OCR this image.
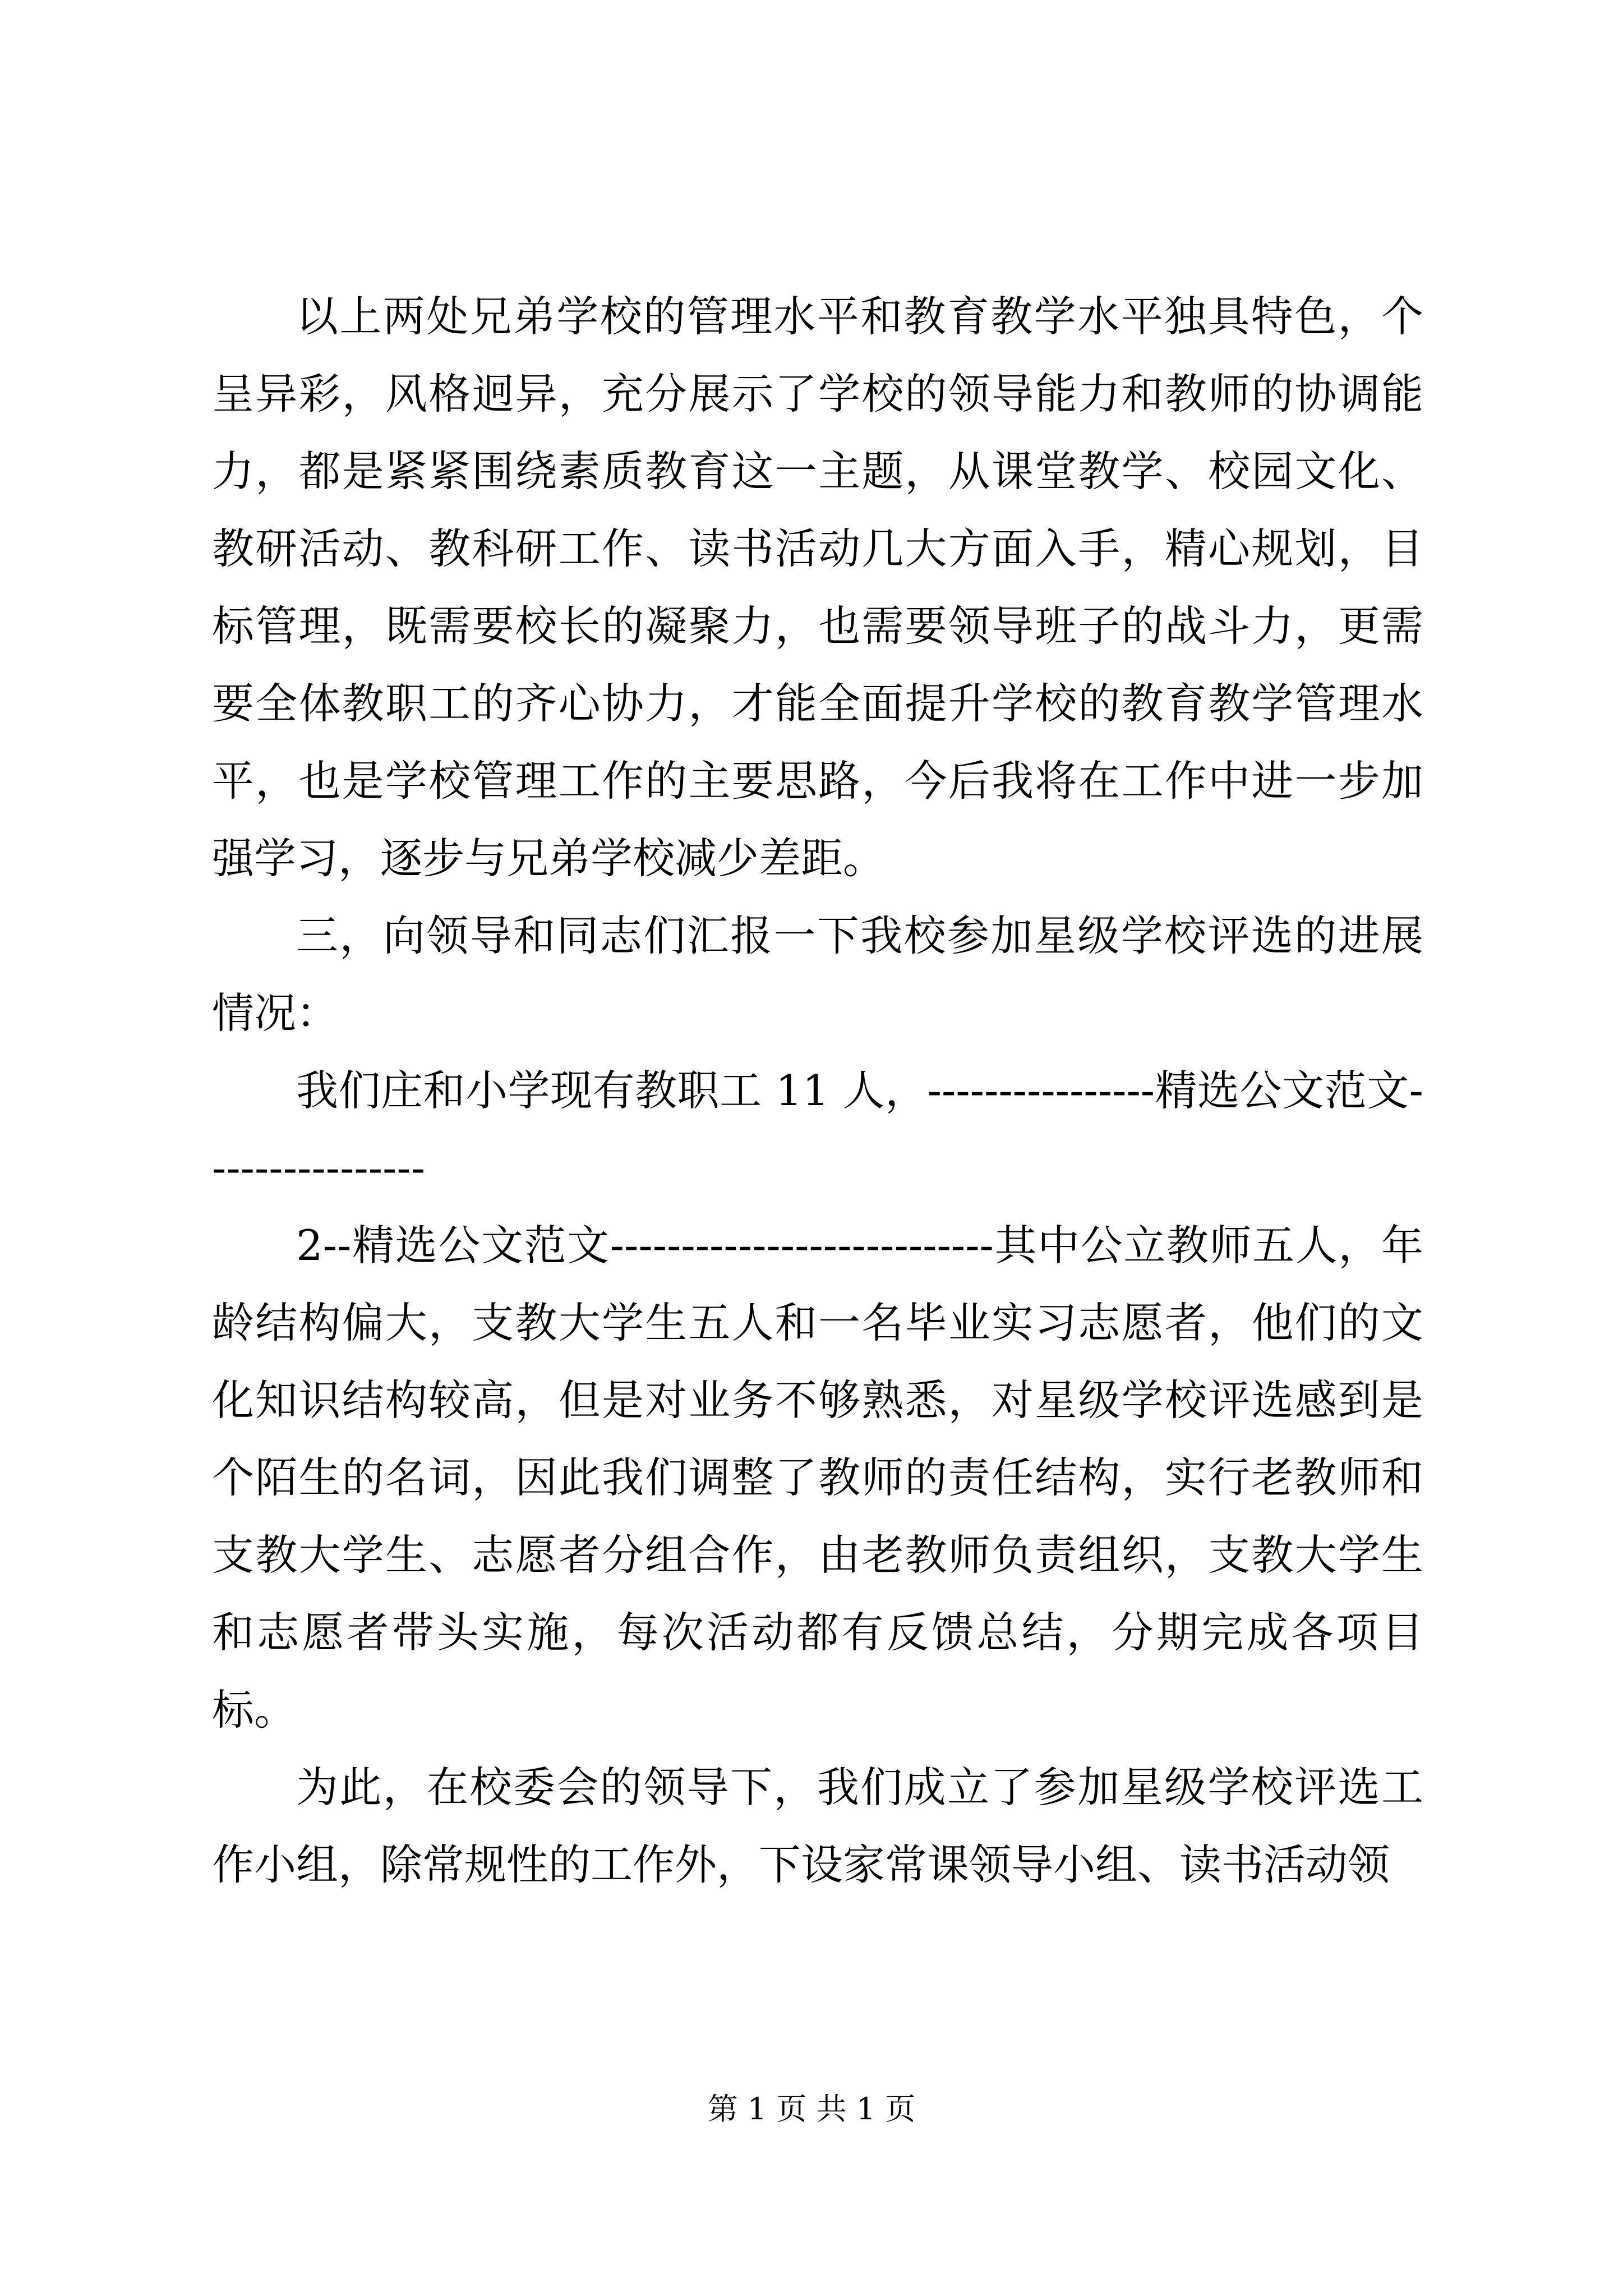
以上两处兄弟学校的管理水平和教育教学水平独具特色，个呈异彩，风格迥异，充分展示了学校的领导能力和教师的协调能力，都是紧紧围绕素质教育这一主题，从课堂教学、校园文化、教研活动、教科研工作、读书活动几大方面入手，精心规划，目标管理，既需要校长的凝聚力，也需要领导班子的战斗力，更需要全体教职工的齐心协力，才能全面提升学校的教育教学管理水平，也是学校管理工作的主要思路，今后我将在工作中进一步加强学习，逐步与兄弟学校减少差距。

三，向领导和同志们汇报一下我校参加星级学校评选的进展情况：

我们庄和小学现有教职工 11 人，----------------精选公文范文----------------

2--精选公文范文---------------------------其中公立教师五人，年龄结构偏大，支教大学生五人和一名毕业实习志愿者，他们的文化知识结构较高，但是对业务不够熟悉，对星级学校评选感到是个陌生的名词，因此我们调整了教师的责任结构，实行老教师和支教大学生、志愿者分组合作，由老教师负责组织，支教大学生和志愿者带头实施，每次活动都有反馈总结，分期完成各项目标。

为此，在校委会的领导下，我们成立了参加星级学校评选工作小组，除常规性的工作外，下设家常课领导小组、读书活动领

第 1 页 共 1 页
